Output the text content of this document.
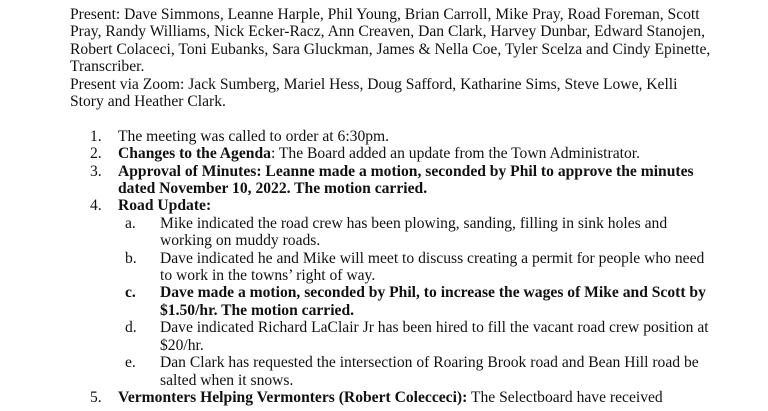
Present: Dave Simmons, Leanne Harple, Phil Young, Brian Carroll, Mike Pray, Road Foreman, Scott
Pray, Randy Williams, Nick Ecker-Racz, Ann Creaven, Dan Clark, Harvey Dunbar, Edward Stanojen,
Robert Colaceci, Toni Eubanks, Sara Gluckman, James & Nella Coe, Tyler Scelza and Cindy Epinette,
Transcriber.
Present via Zoom: Jack Sumberg, Mariel Hess, Doug Safford, Katharine Sims, Steve Lowe, Kelli
Story and Heather Clark.
1. The meeting was called to order at 6:30pm.
2. Changes to the Agenda: The Board added an update from the Town Administrator.
3. Approval of Minutes: Leanne made a motion, seconded by Phil to approve the minutes
dated November 10, 2022. The motion carried.
4. Road Update:
a. Mike indicated the road crew has been plowing, sanding, filling in sink holes and
working on muddy roads.
b. Dave indicated he and Mike will meet to discuss creating a permit for people who need
to work in the towns’ right of way.
c. Dave made a motion, seconded by Phil, to increase the wages of Mike and Scott by
$1.50/hr. The motion carried.
d. Dave indicated Richard LaClair Jr has been hired to fill the vacant road crew position at
$20/hr.
e. Dan Clark has requested the intersection of Roaring Brook road and Bean Hill road be
salted when it snows.
5. Vermonters Helping Vermonters (Robert Colecceci): The Selectboard have received
